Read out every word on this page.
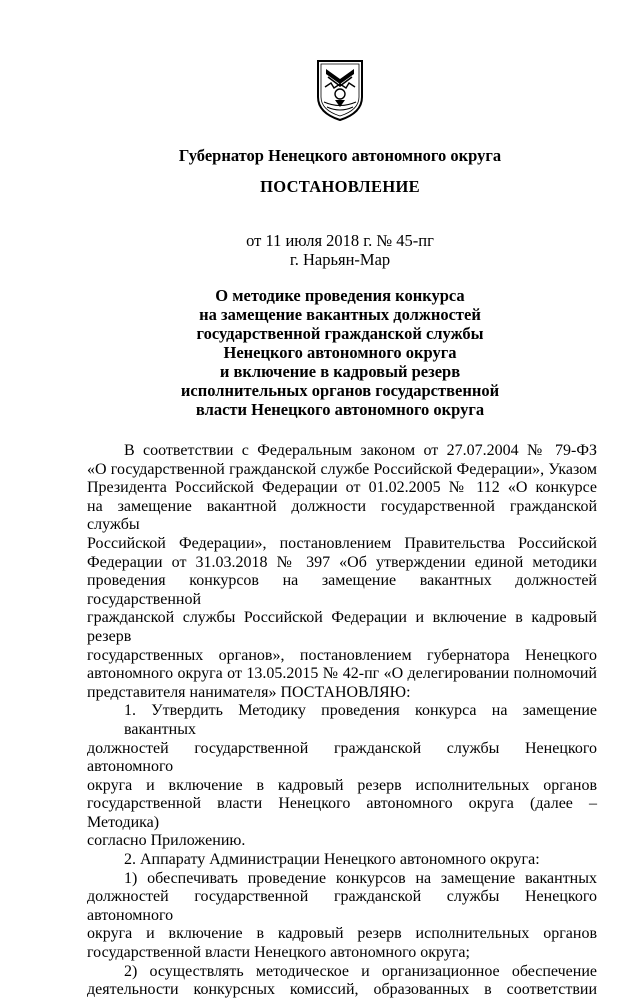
Губернатор Ненецкого автономного округа
ПОСТАНОВЛЕНИЕ
от 11 июля 2018 г. № 45-пг
г. Нарьян-Мар
О методике проведения конкурса
на замещение вакантных должностей
государственной гражданской службы
Ненецкого автономного округа
и включение в кадровый резерв
исполнительных органов государственной
власти Ненецкого автономного округа
В соответствии с Федеральным законом от 27.07.2004 № 79-ФЗ
«О государственной гражданской службе Российской Федерации», Указом
Президента Российской Федерации от 01.02.2005 № 112 «О конкурсе
на замещение вакантной должности государственной гражданской службы
Российской Федерации», постановлением Правительства Российской
Федерации от 31.03.2018 № 397 «Об утверждении единой методики
проведения конкурсов на замещение вакантных должностей государственной
гражданской службы Российской Федерации и включение в кадровый резерв
государственных органов», постановлением губернатора Ненецкого
автономного округа от 13.05.2015 № 42-пг «О делегировании полномочий
представителя нанимателя» ПОСТАНОВЛЯЮ:
1. Утвердить Методику проведения конкурса на замещение вакантных
должностей государственной гражданской службы Ненецкого автономного
округа и включение в кадровый резерв исполнительных органов
государственной власти Ненецкого автономного округа (далее – Методика)
согласно Приложению.
2. Аппарату Администрации Ненецкого автономного округа:
1) обеспечивать проведение конкурсов на замещение вакантных
должностей государственной гражданской службы Ненецкого автономного
округа и включение в кадровый резерв исполнительных органов
государственной власти Ненецкого автономного округа;
2) осуществлять методическое и организационное обеспечение
деятельности конкурсных комиссий, образованных в соответствии
